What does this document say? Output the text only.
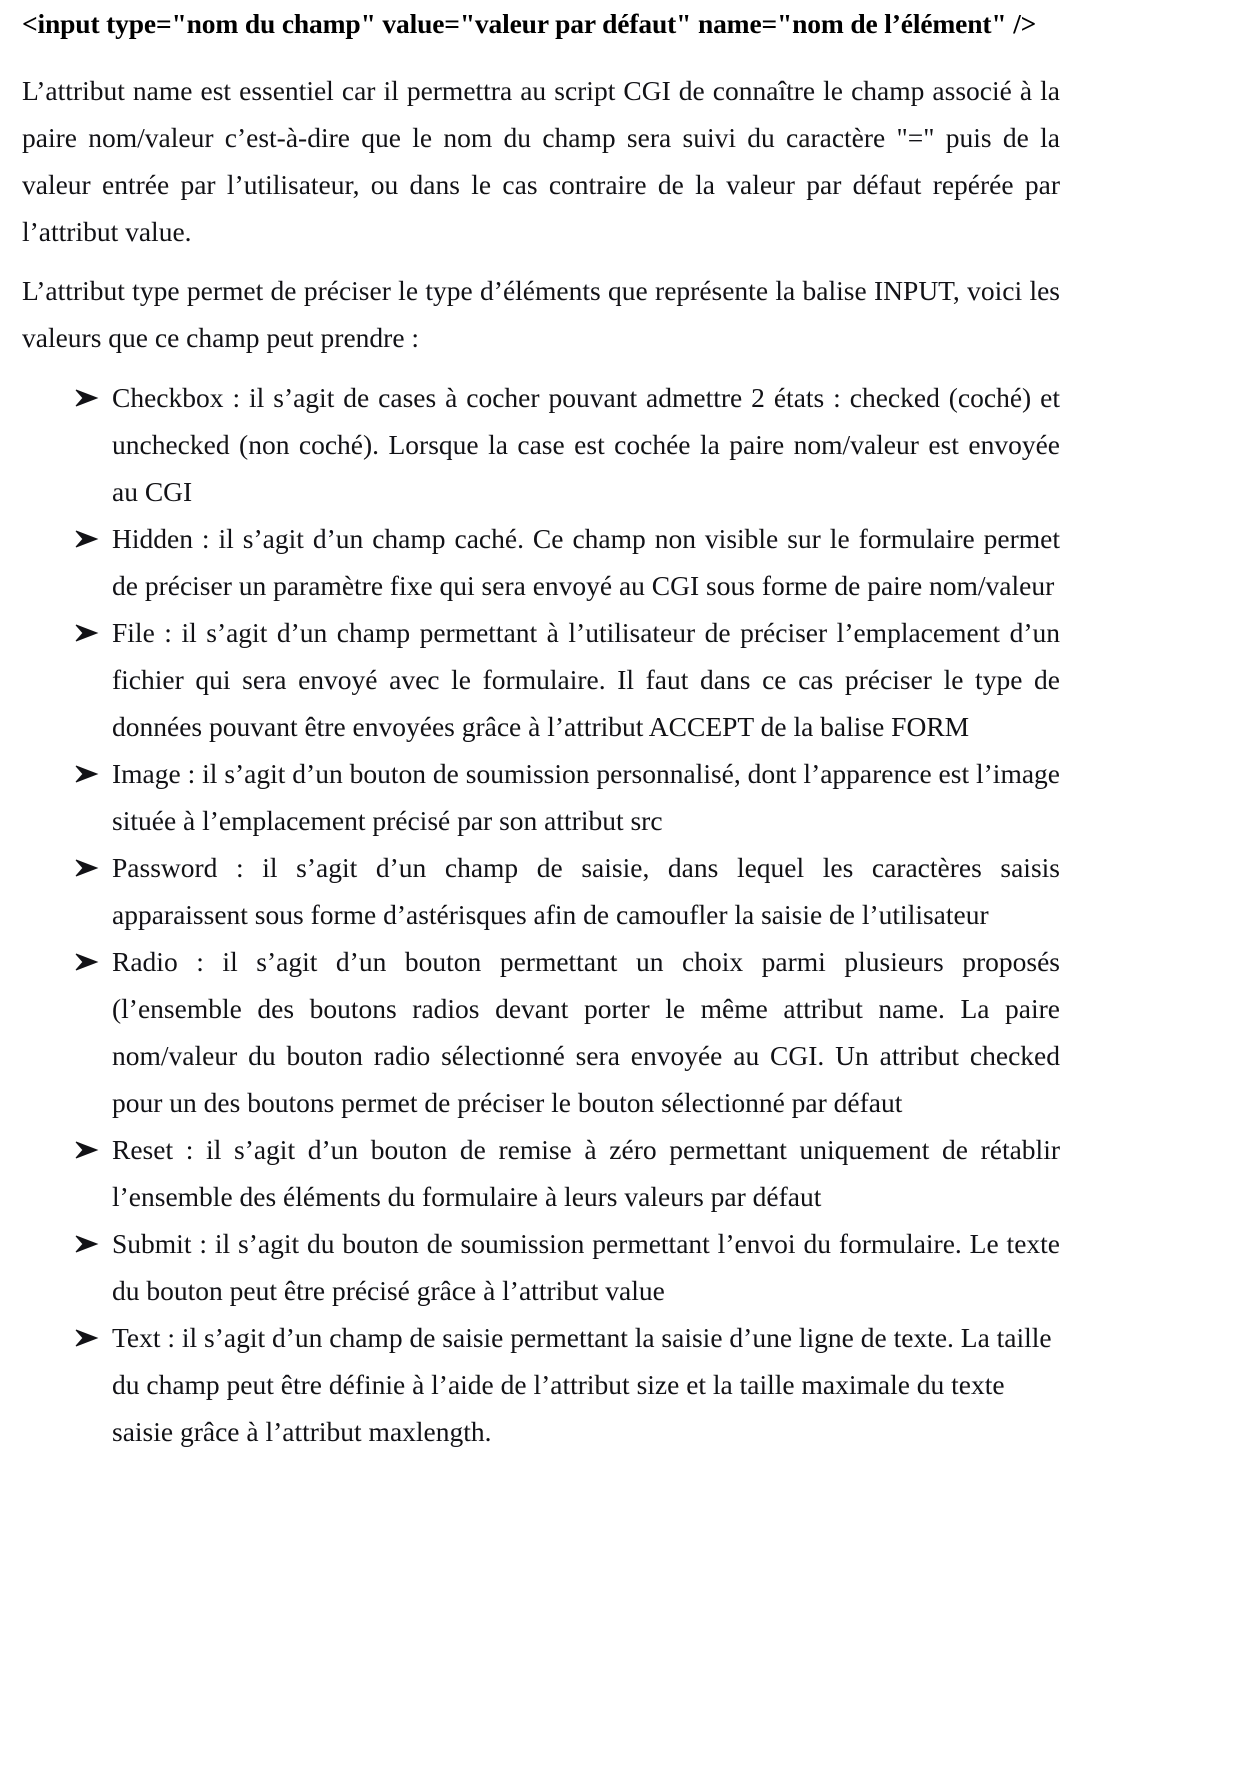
<input type="nom du champ" value="valeur par défaut" name="nom de l’élément" />

L’attribut name est essentiel car il permettra au script CGI de connaître le champ associé à la paire nom/valeur c’est-à-dire que le nom du champ sera suivi du caractère "=" puis de la valeur entrée par l’utilisateur, ou dans le cas contraire de la valeur par défaut repérée par l’attribut value.

L’attribut type permet de préciser le type d’éléments que représente la balise INPUT, voici les valeurs que ce champ peut prendre :

Checkbox : il s’agit de cases à cocher pouvant admettre 2 états : checked (coché) et unchecked (non coché). Lorsque la case est cochée la paire nom/valeur est envoyée au CGI
Hidden : il s’agit d’un champ caché. Ce champ non visible sur le formulaire permet de préciser un paramètre fixe qui sera envoyé au CGI sous forme de paire nom/valeur
File : il s’agit d’un champ permettant à l’utilisateur de préciser l’emplacement d’un fichier qui sera envoyé avec le formulaire. Il faut dans ce cas préciser le type de données pouvant être envoyées grâce à l’attribut ACCEPT de la balise FORM
Image : il s’agit d’un bouton de soumission personnalisé, dont l’apparence est l’image située à l’emplacement précisé par son attribut src
Password : il s’agit d’un champ de saisie, dans lequel les caractères saisis apparaissent sous forme d’astérisques afin de camoufler la saisie de l’utilisateur
Radio : il s’agit d’un bouton permettant un choix parmi plusieurs proposés (l’ensemble des boutons radios devant porter le même attribut name. La paire nom/valeur du bouton radio sélectionné sera envoyée au CGI. Un attribut checked pour un des boutons permet de préciser le bouton sélectionné par défaut
Reset : il s’agit d’un bouton de remise à zéro permettant uniquement de rétablir l’ensemble des éléments du formulaire à leurs valeurs par défaut
Submit : il s’agit du bouton de soumission permettant l’envoi du formulaire. Le texte du bouton peut être précisé grâce à l’attribut value
Text : il s’agit d’un champ de saisie permettant la saisie d’une ligne de texte. La taille du champ peut être définie à l’aide de l’attribut size et la taille maximale du texte saisie grâce à l’attribut maxlength.
